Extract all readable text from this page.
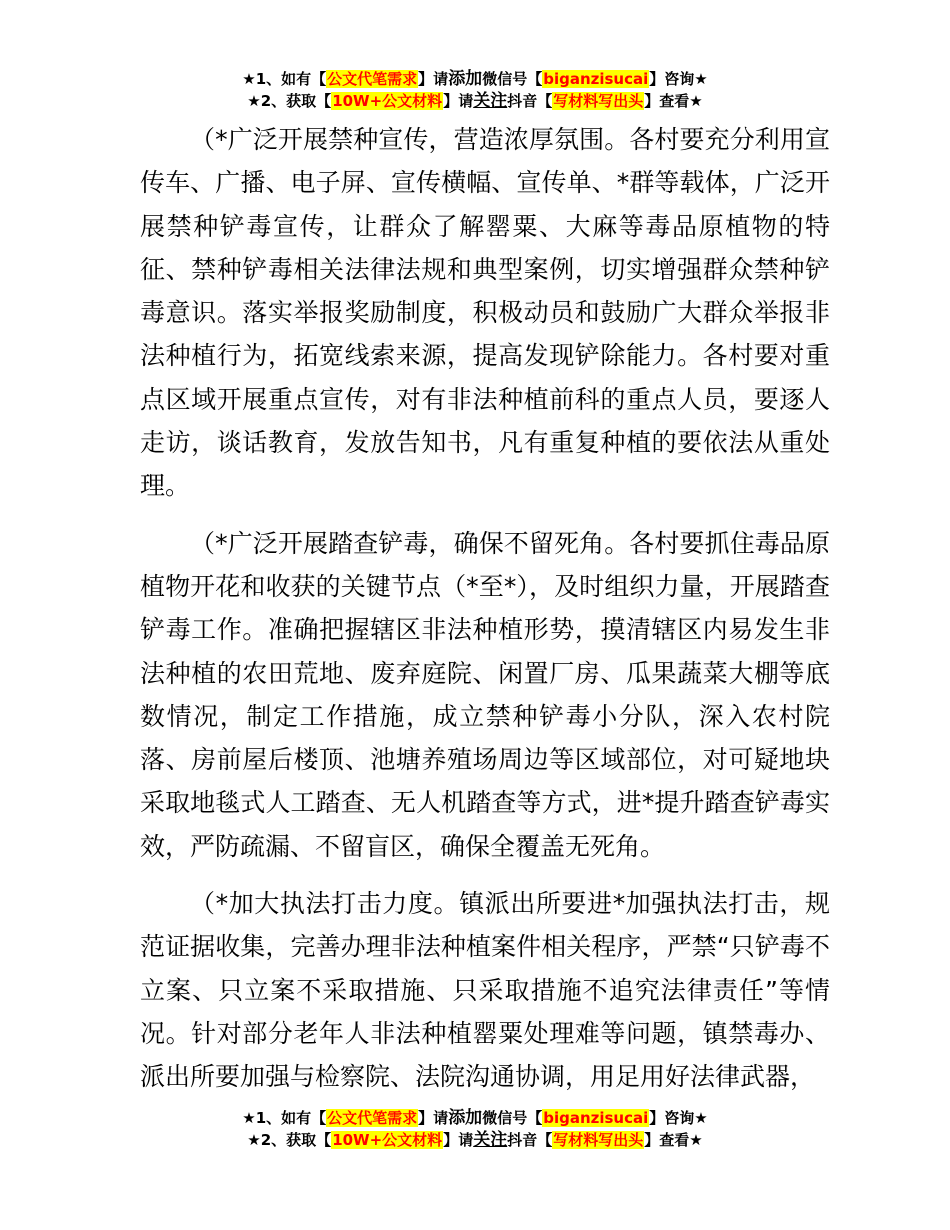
★1、如有【公文代笔需求】请添加微信号【biganzisucai】咨询★
★2、获取【10W+公文材料】请关注抖音【写材料写出头】查看★

（*广泛开展禁种宣传，营造浓厚氛围。各村要充分利用宣传车、广播、电子屏、宣传横幅、宣传单、*群等载体，广泛开展禁种铲毒宣传，让群众了解罂粟、大麻等毒品原植物的特征、禁种铲毒相关法律法规和典型案例，切实增强群众禁种铲毒意识。落实举报奖励制度，积极动员和鼓励广大群众举报非法种植行为，拓宽线索来源，提高发现铲除能力。各村要对重点区域开展重点宣传，对有非法种植前科的重点人员，要逐人走访，谈话教育，发放告知书，凡有重复种植的要依法从重处理。

（*广泛开展踏查铲毒，确保不留死角。各村要抓住毒品原植物开花和收获的关键节点（*至*），及时组织力量，开展踏查铲毒工作。准确把握辖区非法种植形势，摸清辖区内易发生非法种植的农田荒地、废弃庭院、闲置厂房、瓜果蔬菜大棚等底数情况，制定工作措施，成立禁种铲毒小分队，深入农村院落、房前屋后楼顶、池塘养殖场周边等区域部位，对可疑地块采取地毯式人工踏查、无人机踏查等方式，进*提升踏查铲毒实效，严防疏漏、不留盲区，确保全覆盖无死角。

（*加大执法打击力度。镇派出所要进*加强执法打击，规范证据收集，完善办理非法种植案件相关程序，严禁“只铲毒不立案、只立案不采取措施、只采取措施不追究法律责任”等情况。针对部分老年人非法种植罂粟处理难等问题，镇禁毒办、派出所要加强与检察院、法院沟通协调，用足用好法律武器，

★1、如有【公文代笔需求】请添加微信号【biganzisucai】咨询★
★2、获取【10W+公文材料】请关注抖音【写材料写出头】查看★
